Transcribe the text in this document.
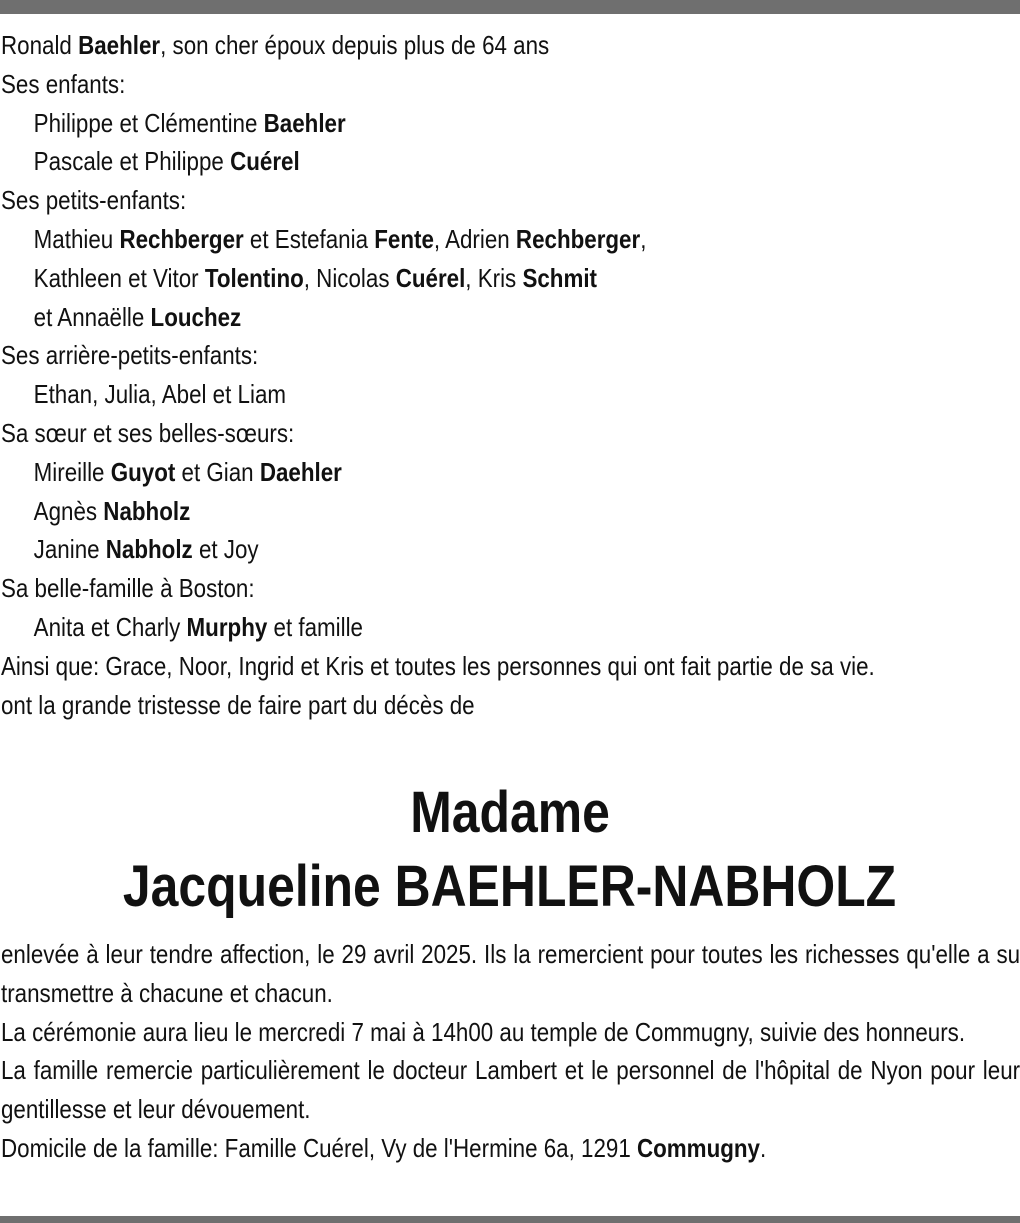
Ronald Baehler, son cher époux depuis plus de 64 ans
Ses enfants:
Philippe et Clémentine Baehler
Pascale et Philippe Cuérel
Ses petits-enfants:
Mathieu Rechberger et Estefania Fente, Adrien Rechberger,
Kathleen et Vitor Tolentino, Nicolas Cuérel, Kris Schmit
et Annaëlle Louchez
Ses arrière-petits-enfants:
Ethan, Julia, Abel et Liam
Sa sœur et ses belles-sœurs:
Mireille Guyot et Gian Daehler
Agnès Nabholz
Janine Nabholz et Joy
Sa belle-famille à Boston:
Anita et Charly Murphy et famille
Ainsi que: Grace, Noor, Ingrid et Kris et toutes les personnes qui ont fait partie de sa vie.
ont la grande tristesse de faire part du décès de
Madame
Jacqueline BAEHLER-NABHOLZ
enlevée à leur tendre affection, le 29 avril 2025. Ils la remercient pour toutes les richesses qu'elle a su transmettre à chacune et chacun.
La cérémonie aura lieu le mercredi 7 mai à 14h00 au temple de Commugny, suivie des honneurs.
La famille remercie particulièrement le docteur Lambert et le personnel de l'hôpital de Nyon pour leur gentillesse et leur dévouement.
Domicile de la famille: Famille Cuérel, Vy de l'Hermine 6a, 1291 Commugny.
